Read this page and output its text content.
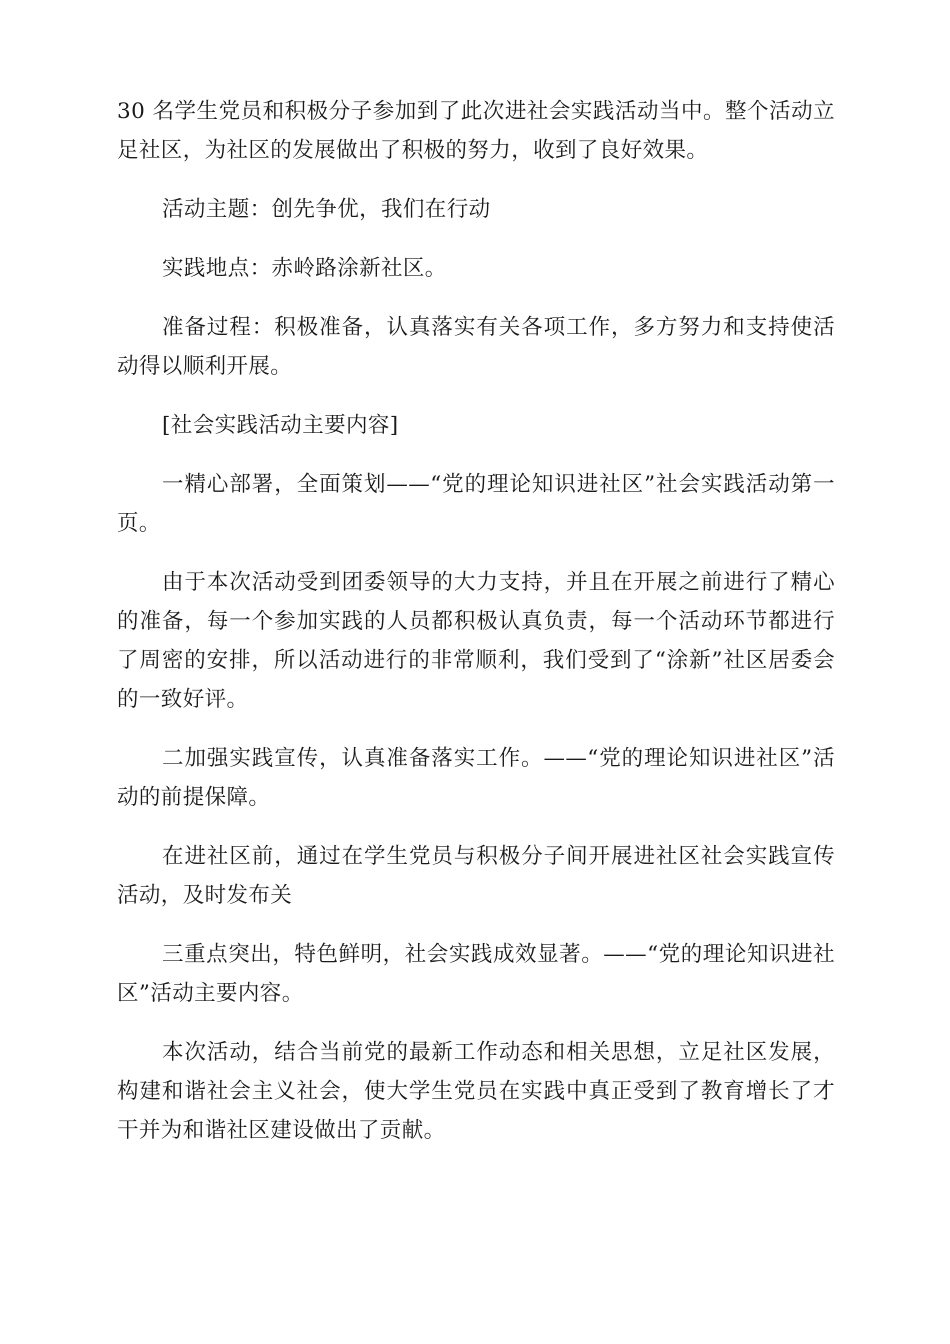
30 名学生党员和积极分子参加到了此次进社会实践活动当中。整个活动立足社区，为社区的发展做出了积极的努力，收到了良好效果。

活动主题：创先争优，我们在行动

实践地点：赤岭路涂新社区。

准备过程：积极准备，认真落实有关各项工作，多方努力和支持使活动得以顺利开展。

[社会实践活动主要内容]

一精心部署，全面策划——“党的理论知识进社区”社会实践活动第一页。

由于本次活动受到团委领导的大力支持，并且在开展之前进行了精心的准备，每一个参加实践的人员都积极认真负责，每一个活动环节都进行了周密的安排，所以活动进行的非常顺利，我们受到了“涂新”社区居委会的一致好评。

二加强实践宣传，认真准备落实工作。——“党的理论知识进社区”活动的前提保障。

在进社区前，通过在学生党员与积极分子间开展进社区社会实践宣传活动，及时发布关

三重点突出，特色鲜明，社会实践成效显著。——“党的理论知识进社区”活动主要内容。

本次活动，结合当前党的最新工作动态和相关思想，立足社区发展，构建和谐社会主义社会，使大学生党员在实践中真正受到了教育增长了才干并为和谐社区建设做出了贡献。
